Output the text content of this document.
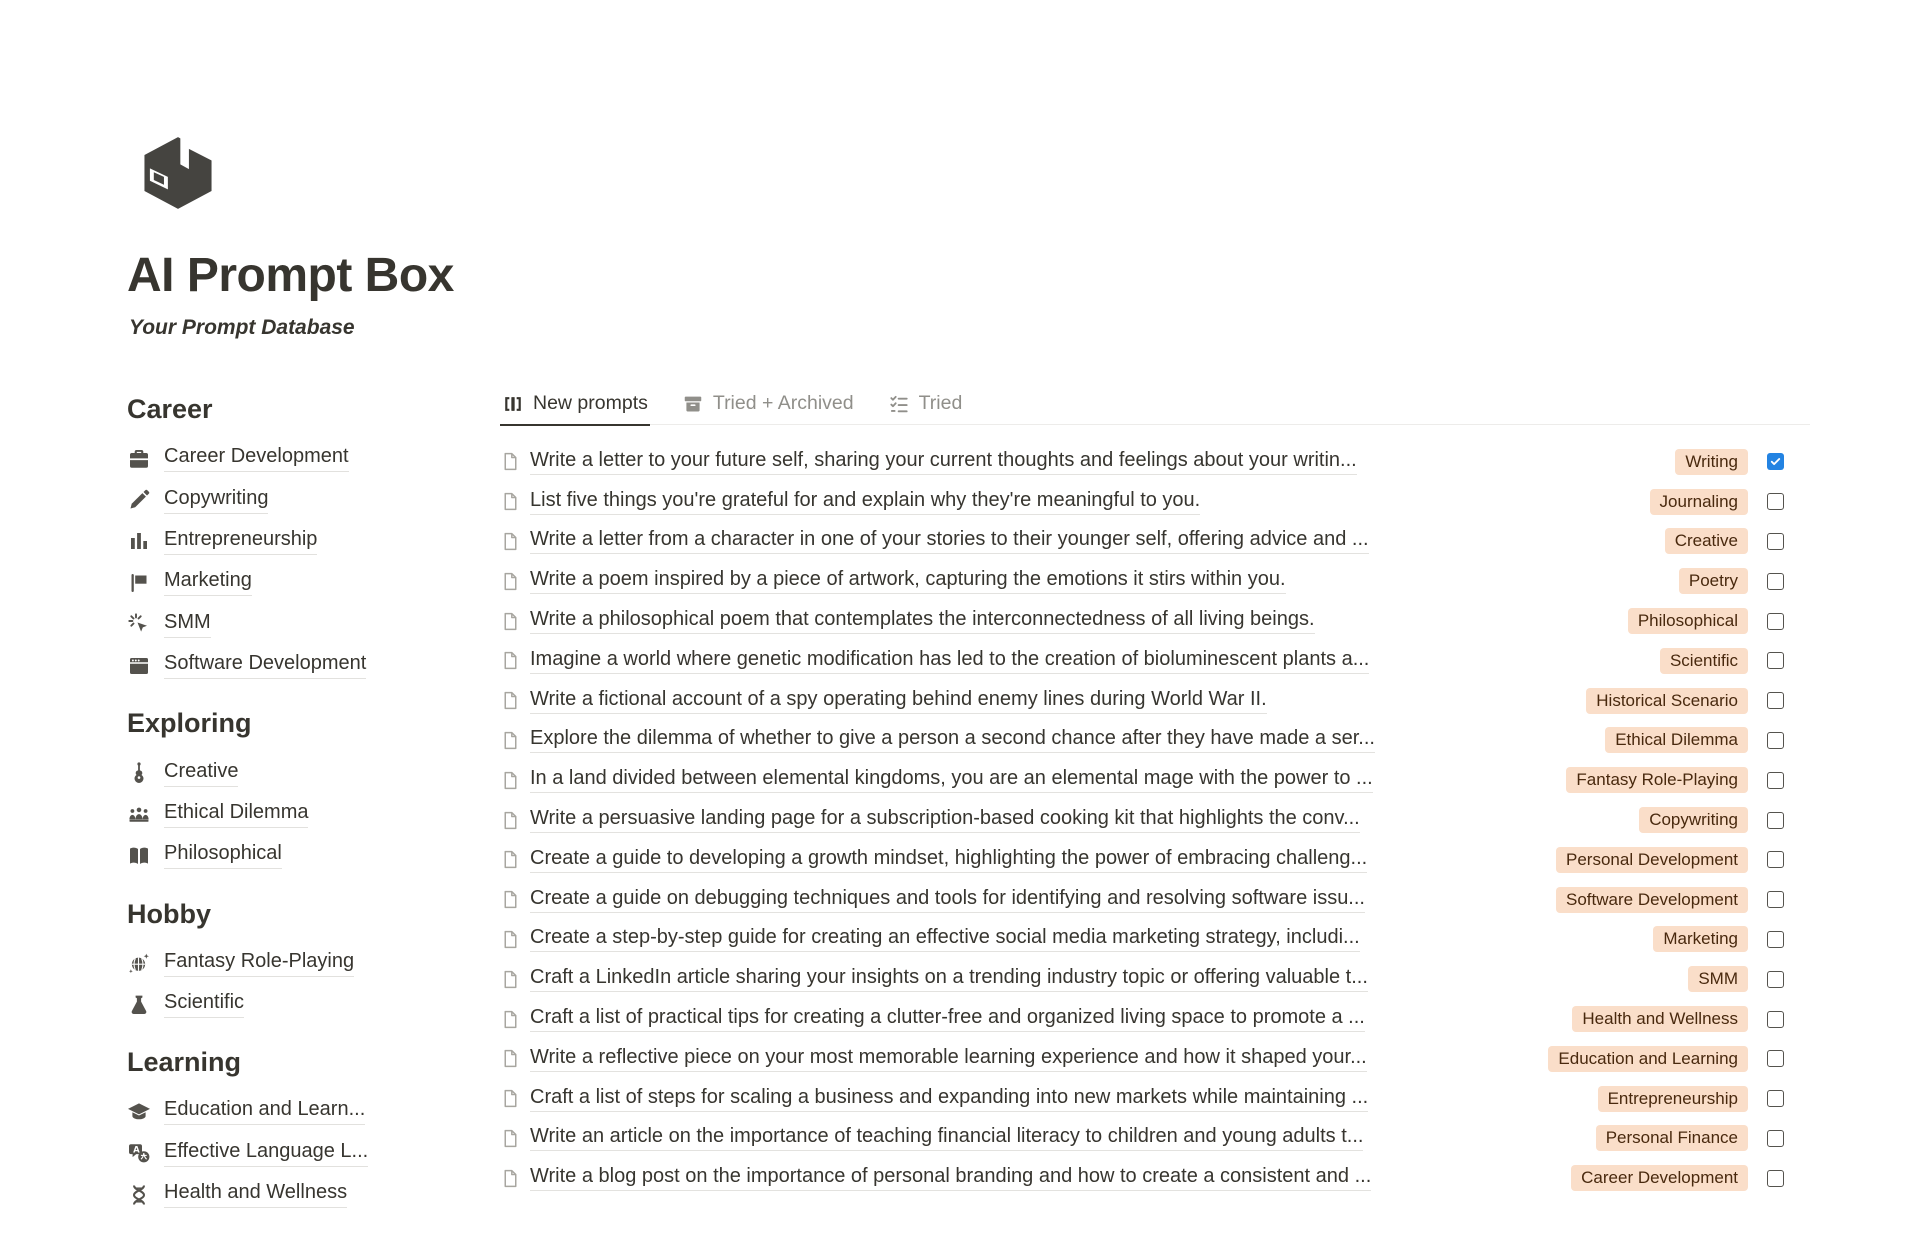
AI Prompt Box

Your Prompt Database

Career
Career Development
Copywriting
Entrepreneurship
Marketing
SMM
Software Development
Exploring
Creative
Ethical Dilemma
Philosophical
Hobby
Fantasy Role-Playing
Scientific
Learning
Education and Learn...
A Effective Language L...
Health and Wellness
New prompts	Tried + Archived	Tried
Write a letter to your future self, sharing your current thoughts and feelings about your writin...	Writing
List five things you're grateful for and explain why they're meaningful to you.	Journaling
Write a letter from a character in one of your stories to their younger self, offering advice and ...	Creative
Write a poem inspired by a piece of artwork, capturing the emotions it stirs within you.	Poetry
Write a philosophical poem that contemplates the interconnectedness of all living beings.	Philosophical
Imagine a world where genetic modification has led to the creation of bioluminescent plants a...	Scientific
Write a fictional account of a spy operating behind enemy lines during World War II.	Historical Scenario
Explore the dilemma of whether to give a person a second chance after they have made a ser...	Ethical Dilemma
In a land divided between elemental kingdoms, you are an elemental mage with the power to ...	Fantasy Role-Playing
Write a persuasive landing page for a subscription-based cooking kit that highlights the conv...	Copywriting
Create a guide to developing a growth mindset, highlighting the power of embracing challeng...	Personal Development
Create a guide on debugging techniques and tools for identifying and resolving software issu...	Software Development
Create a step-by-step guide for creating an effective social media marketing strategy, includi...	Marketing
Craft a LinkedIn article sharing your insights on a trending industry topic or offering valuable t...	SMM
Craft a list of practical tips for creating a clutter-free and organized living space to promote a ...	Health and Wellness
Write a reflective piece on your most memorable learning experience and how it shaped your...	Education and Learning
Craft a list of steps for scaling a business and expanding into new markets while maintaining ...	Entrepreneurship
Write an article on the importance of teaching financial literacy to children and young adults t...	Personal Finance
Write a blog post on the importance of personal branding and how to create a consistent and ...	Career Development
